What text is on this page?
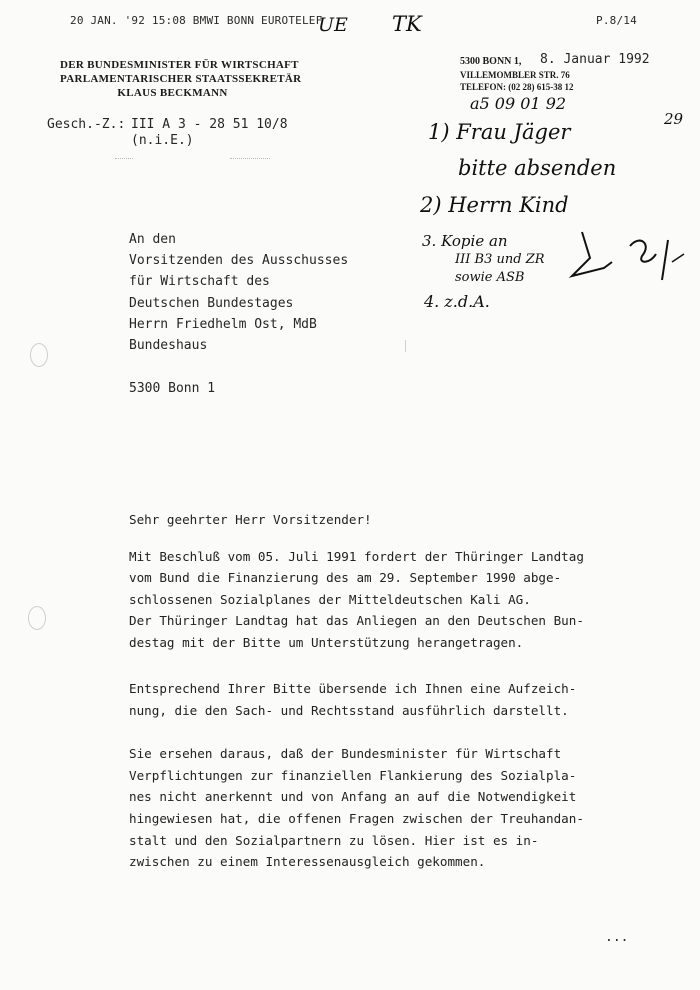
20 JAN. '92 15:08 BMWI BONN EUROTELEF	P.8/14
UE TK
DER BUNDESMINISTER FÜR WIRTSCHAFT
PARLAMENTARISCHER STAATSSEKRETÄR
KLAUS BECKMANN
5300 BONN 1, 8. Januar 1992
VILLEMOMBLER STR. 76
TELEFON: (02 28) 615-38 12
Gesch.-Z.: III A 3 - 28 51 10/8
(n.i.E.)
a5 09 01 92
29
1) Frau Jäger
bitte absenden
2) Herrn Kind
3. Kopie an
III B3 und ZR
sowie ASB
4. z.d.A.
An den
Vorsitzenden des Ausschusses
für Wirtschaft des
Deutschen Bundestages
Herrn Friedhelm Ost, MdB
Bundeshaus
5300 Bonn 1
Sehr geehrter Herr Vorsitzender!
Mit Beschluß vom 05. Juli 1991 fordert der Thüringer Landtag
vom Bund die Finanzierung des am 29. September 1990 abge-
schlossenen Sozialplanes der Mitteldeutschen Kali AG.
Der Thüringer Landtag hat das Anliegen an den Deutschen Bun-
destag mit der Bitte um Unterstützung herangetragen.
Entsprechend Ihrer Bitte übersende ich Ihnen eine Aufzeich-
nung, die den Sach- und Rechtsstand ausführlich darstellt.
Sie ersehen daraus, daß der Bundesminister für Wirtschaft
Verpflichtungen zur finanziellen Flankierung des Sozialpla-
nes nicht anerkennt und von Anfang an auf die Notwendigkeit
hingewiesen hat, die offenen Fragen zwischen der Treuhandan-
stalt und den Sozialpartnern zu lösen. Hier ist es in-
zwischen zu einem Interessenausgleich gekommen.
...
